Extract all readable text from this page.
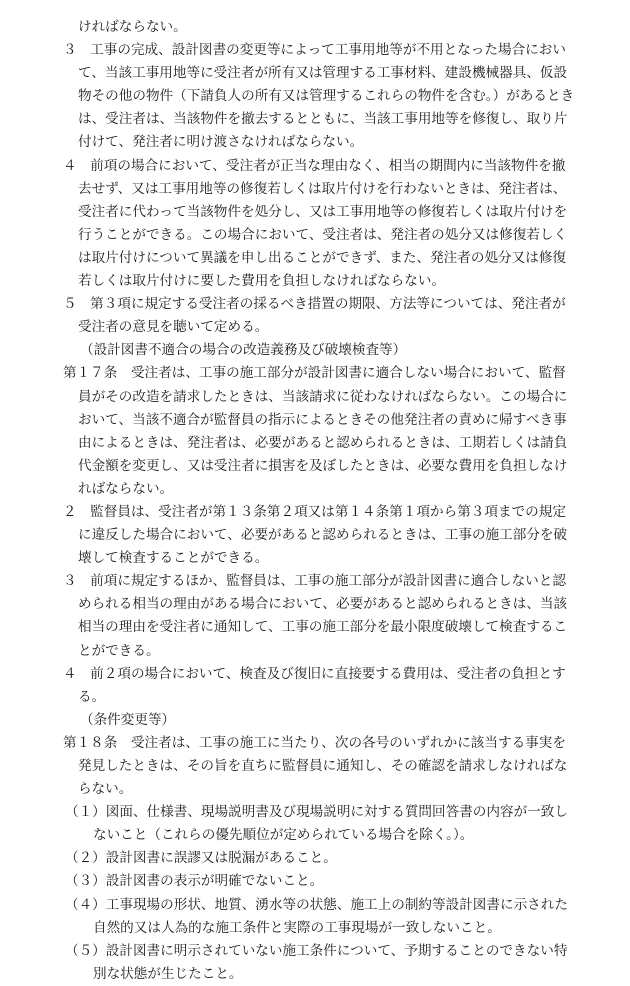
ければならない。
３　工事の完成、設計図書の変更等によって工事用地等が不用となった場合において、当該工事用地等に受注者が所有又は管理する工事材料、建設機械器具、仮設物その他の物件（下請負人の所有又は管理するこれらの物件を含む。）があるときは、受注者は、当該物件を撤去するとともに、当該工事用地等を修復し、取り片付けて、発注者に明け渡さなければならない。
４　前項の場合において、受注者が正当な理由なく、相当の期間内に当該物件を撤去せず、又は工事用地等の修復若しくは取片付けを行わないときは、発注者は、受注者に代わって当該物件を処分し、又は工事用地等の修復若しくは取片付けを行うことができる。この場合において、受注者は、発注者の処分又は修復若しくは取片付けについて異議を申し出ることができず、また、発注者の処分又は修復若しくは取片付けに要した費用を負担しなければならない。
５　第３項に規定する受注者の採るべき措置の期限、方法等については、発注者が受注者の意見を聴いて定める。
（設計図書不適合の場合の改造義務及び破壊検査等）
第１７条　受注者は、工事の施工部分が設計図書に適合しない場合において、監督員がその改造を請求したときは、当該請求に従わなければならない。この場合において、当該不適合が監督員の指示によるときその他発注者の責めに帰すべき事由によるときは、発注者は、必要があると認められるときは、工期若しくは請負代金額を変更し、又は受注者に損害を及ぼしたときは、必要な費用を負担しなければならない。
２　監督員は、受注者が第１３条第２項又は第１４条第１項から第３項までの規定に違反した場合において、必要があると認められるときは、工事の施工部分を破壊して検査することができる。
３　前項に規定するほか、監督員は、工事の施工部分が設計図書に適合しないと認められる相当の理由がある場合において、必要があると認められるときは、当該相当の理由を受注者に通知して、工事の施工部分を最小限度破壊して検査することができる。
４　前２項の場合において、検査及び復旧に直接要する費用は、受注者の負担とする。
（条件変更等）
第１８条　受注者は、工事の施工に当たり、次の各号のいずれかに該当する事実を発見したときは、その旨を直ちに監督員に通知し、その確認を請求しなければならない。
（１）図面、仕様書、現場説明書及び現場説明に対する質問回答書の内容が一致しないこと（これらの優先順位が定められている場合を除く。）。
（２）設計図書に誤謬又は脱漏があること。
（３）設計図書の表示が明確でないこと。
（４）工事現場の形状、地質、湧水等の状態、施工上の制約等設計図書に示された自然的又は人為的な施工条件と実際の工事現場が一致しないこと。
（５）設計図書に明示されていない施工条件について、予期することのできない特別な状態が生じたこと。
